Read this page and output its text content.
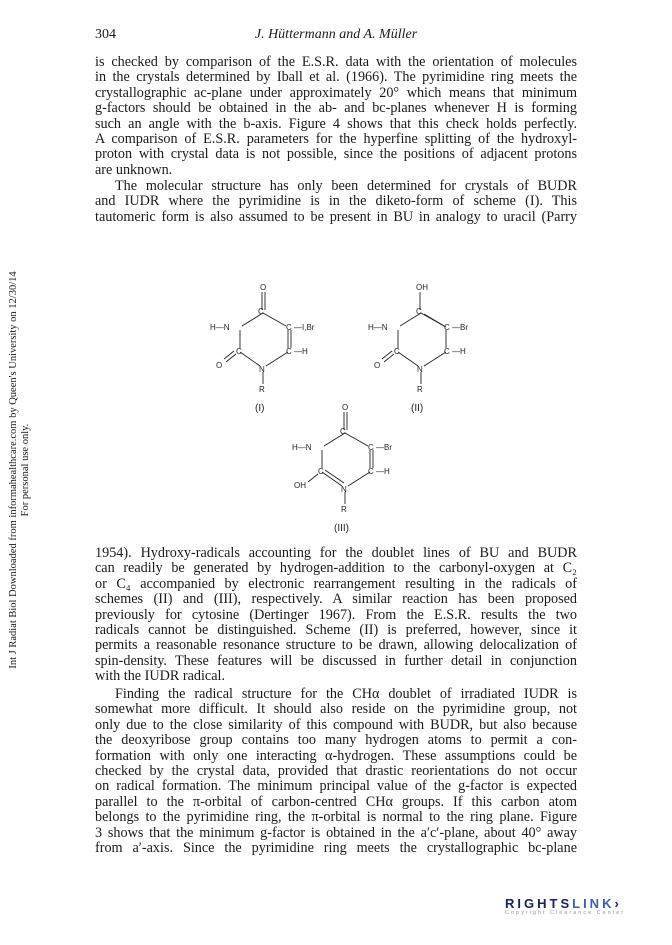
304	J. Hüttermann and A. Müller
Int J Radiat Biol Downloaded from informahealthcare.com by Queen's University on 12/30/14 For personal use only.
is checked by comparison of the E.S.R. data with the orientation of molecules
in the crystals determined by Iball et al. (1966). The pyrimidine ring meets the
crystallographic ac-plane under approximately 20° which means that minimum
g-factors should be obtained in the ab- and bc-planes whenever H is forming
such an angle with the b-axis. Figure 4 shows that this check holds perfectly.
A comparison of E.S.R. parameters for the hyperfine splitting of the hydroxyl-
proton with crystal data is not possible, since the positions of adjacent protons
are unknown.
The molecular structure has only been determined for crystals of BUDR
and IUDR where the pyrimidine is in the diketo-form of scheme (I). This
tautomeric form is also assumed to be present in BU in analogy to uracil (Parry
O
C
H—N	C —I,Br
C	C —H
O	N
R
(I)
OH
C
H—N	C —Br
C	C —H
O	N
R
(II)
O
C
H—N	C —Br
C	C —H
OH	N
R
(III)
1954). Hydroxy-radicals accounting for the doublet lines of BU and BUDR
can readily be generated by hydrogen-addition to the carbonyl-oxygen at C₂
or C₄ accompanied by electronic rearrangement resulting in the radicals of
schemes (II) and (III), respectively. A similar reaction has been proposed
previously for cytosine (Dertinger 1967). From the E.S.R. results the two
radicals cannot be distinguished. Scheme (II) is preferred, however, since it
permits a reasonable resonance structure to be drawn, allowing delocalization of
spin-density. These features will be discussed in further detail in conjunction
with the IUDR radical.
Finding the radical structure for the CHα doublet of irradiated IUDR is
somewhat more difficult. It should also reside on the pyrimidine group, not
only due to the close similarity of this compound with BUDR, but also because
the deoxyribose group contains too many hydrogen atoms to permit a con-
formation with only one interacting α-hydrogen. These assumptions could be
checked by the crystal data, provided that drastic reorientations do not occur
on radical formation. The minimum principal value of the g-factor is expected
parallel to the π-orbital of carbon-centred CHα groups. If this carbon atom
belongs to the pyrimidine ring, the π-orbital is normal to the ring plane. Figure
3 shows that the minimum g-factor is obtained in the a′c′-plane, about 40° away
from a′-axis. Since the pyrimidine ring meets the crystallographic bc-plane
RIGHTSLINK›
Copyright Clearance Center
